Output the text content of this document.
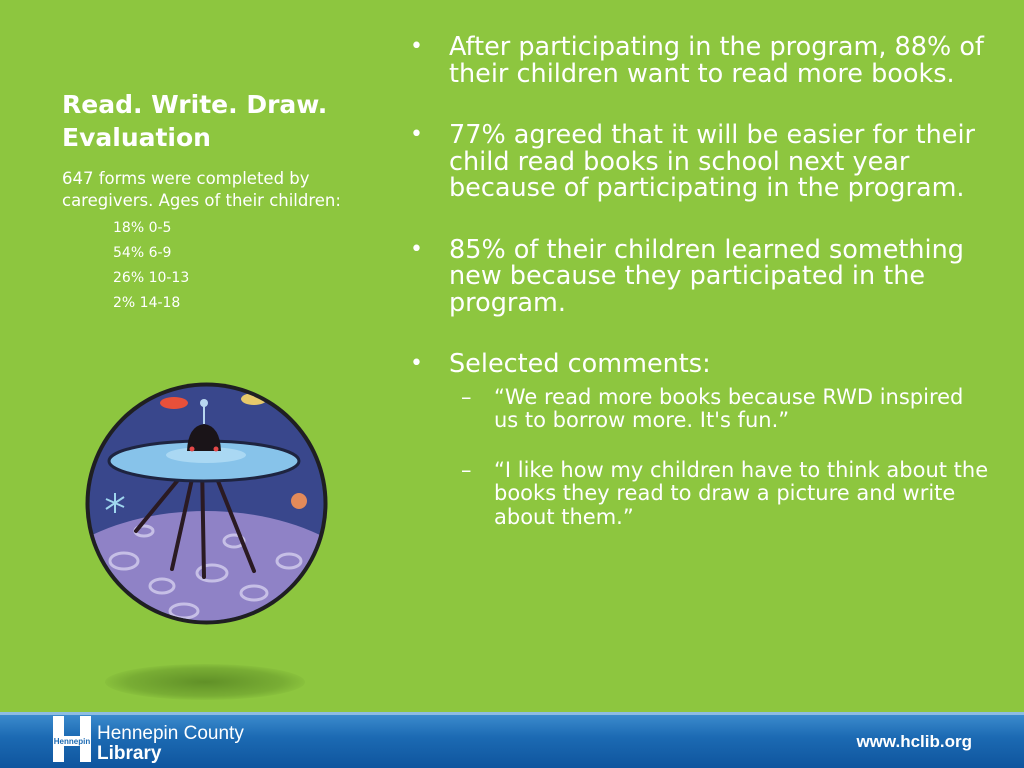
Read. Write. Draw.
Evaluation

647 forms were completed by caregivers. Ages of their children:

18% 0-5
54% 6-9
26% 10-13
2% 14-18
• After participating in the program, 88% of their children want to read more books.
• 77% agreed that it will be easier for their child read books in school next year because of participating in the program.
• 85% of their children learned something new because they participated in the program.
• Selected comments:
– “We read more books because RWD inspired us to borrow more. It's fun.”
– “I like how my children have to think about the books they read to draw a picture and write about them.”
Hennepin Hennepin County
Library
www.hclib.org
